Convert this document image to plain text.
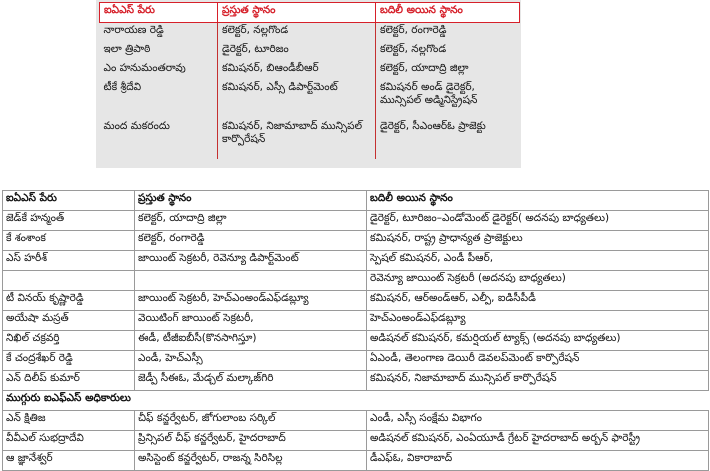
ఐఏఎస్‌ పేరు	ప్రస్తుత స్థానం	బదిలీ అయిన స్థానం
నారాయణ రెడ్డి	కలెక్టర్‌, నల్లగొండ	కలెక్టర్‌, రంగారెడ్డి
ఇలా త్రిపాఠి	డైరెక్టర్‌, టూరిజం	కలెక్టర్‌, నల్లగొండ
ఎం హనుమంతరావు	కమిషనర్‌, బిఆండీబీఆర్‌	కలెక్టర్‌, యాదాద్రి జిల్లా
టీకే శ్రీదేవి	కమిషనర్‌, ఎస్సీ డిపార్ట్‌మెంట్‌	కమిషనర్‌ అండ్‌ డైరెక్టర్‌, మున్సిపల్‌ అడ్మినిస్ట్రేషన్‌
మంద మకరందు	కమిషనర్‌, నిజామాబాద్‌ మున్సిపల్‌ కార్పొరేషన్‌	డైరెక్టర్‌, సీఎంఆర్‌ఓ ప్రాజెక్టు
ఐఏఎస్‌ పేరు	ప్రస్తుత స్థానం	బదిలీ అయిన స్థానం
జెడ్‌కే హన్మంత్‌	కలెక్టర్‌, యాదాద్రి జిల్లా	డైరెక్టర్‌, టూరిజం–ఎండోమెంట్‌ డైరెక్టర్‌( అదనపు బాధ్యతలు)
కే శంశాంక	కలెక్టర్‌, రంగారెడ్డి	కమిషనర్‌, రాష్ట్ర ప్రాధాన్యత ప్రాజెక్టులు
ఎస్‌ హరీశ్‌	జాయింట్‌ సెక్రటరీ, రెవెన్యూ డిపార్ట్‌మెంట్‌	స్పెషల్‌ కమిషనర్‌, ఎండీ పీఆర్‌,
		రెవెన్యూ జాయింట్‌ సెక్రటరీ (అదనపు బాధ్యతలు)
టీ వినయ్‌ కృష్ణారెడ్డి	జాయింట్‌ సెక్రటరీ, హెచ్‌ఎంఅండ్‌ఎఫ్‌డబ్ల్యూ	కమిషనర్‌, ఆర్‌అండ్‌ఆర్‌, ఎల్పీ, ఐడిసీపీడీ
అయేషా మస్రత్‌	వెయిటింగ్‌ జాయింట్‌ సెక్రటరీ,	హెచ్‌ఎంఅండ్‌ఎఫ్‌డబ్ల్యూ
నిఖిల్‌ చక్రవర్తి	ఈడీ, టీజీఐబీసీ(కొనసాగిస్తూ)	అడిషనల్‌ కమిషనర్‌, కమర్షియల్‌ ట్యాక్స్‌ (అదనపు బాధ్యతలు)
కే చంద్రశేఖర్‌ రెడ్డి	ఎండీ, హెచ్‌ఎస్సీ	ఏఎండీ, తెలంగాణ డెయిరీ డెవలప్‌మెంట్‌ కార్పొరేషన్‌
ఎన్‌ దిలీప్‌ కుమార్‌	జెడ్పీ సీఈఓ, మేడ్చల్‌ మల్కాజ్‌గిరి	కమిషనర్‌, నిజామాబాద్‌ మున్సిపల్‌ కార్పొరేషన్‌
ముగ్గురు ఐఎఫ్‌ఎస్‌ అధికారులు		
ఎన్‌ క్షితిజ	చీఫ్‌ కన్జర్వేటర్‌, జోగులాంబ సర్కిల్‌	ఎండీ, ఎస్సీ సంక్షేమ విభాగం
వీవీఎల్‌ సుభద్రాదేవి	ప్రిన్సిపల్‌ చీఫ్‌ కన్జర్వేటర్‌, హైదరాబాద్‌	అడిషనల్‌ కమిషనర్‌, ఎంఏయూడీ గ్రేటర్‌ హైదరాబాద్‌ అర్బన్‌ ఫారెస్ట్రీ
ఆ జ్ఞానేశ్వర్‌	అసిస్టెంట్‌ కన్జర్వేటర్‌, రాజన్న సిరిసిల్ల	డీఎఫ్‌ఓ, వికారాబాద్‌
